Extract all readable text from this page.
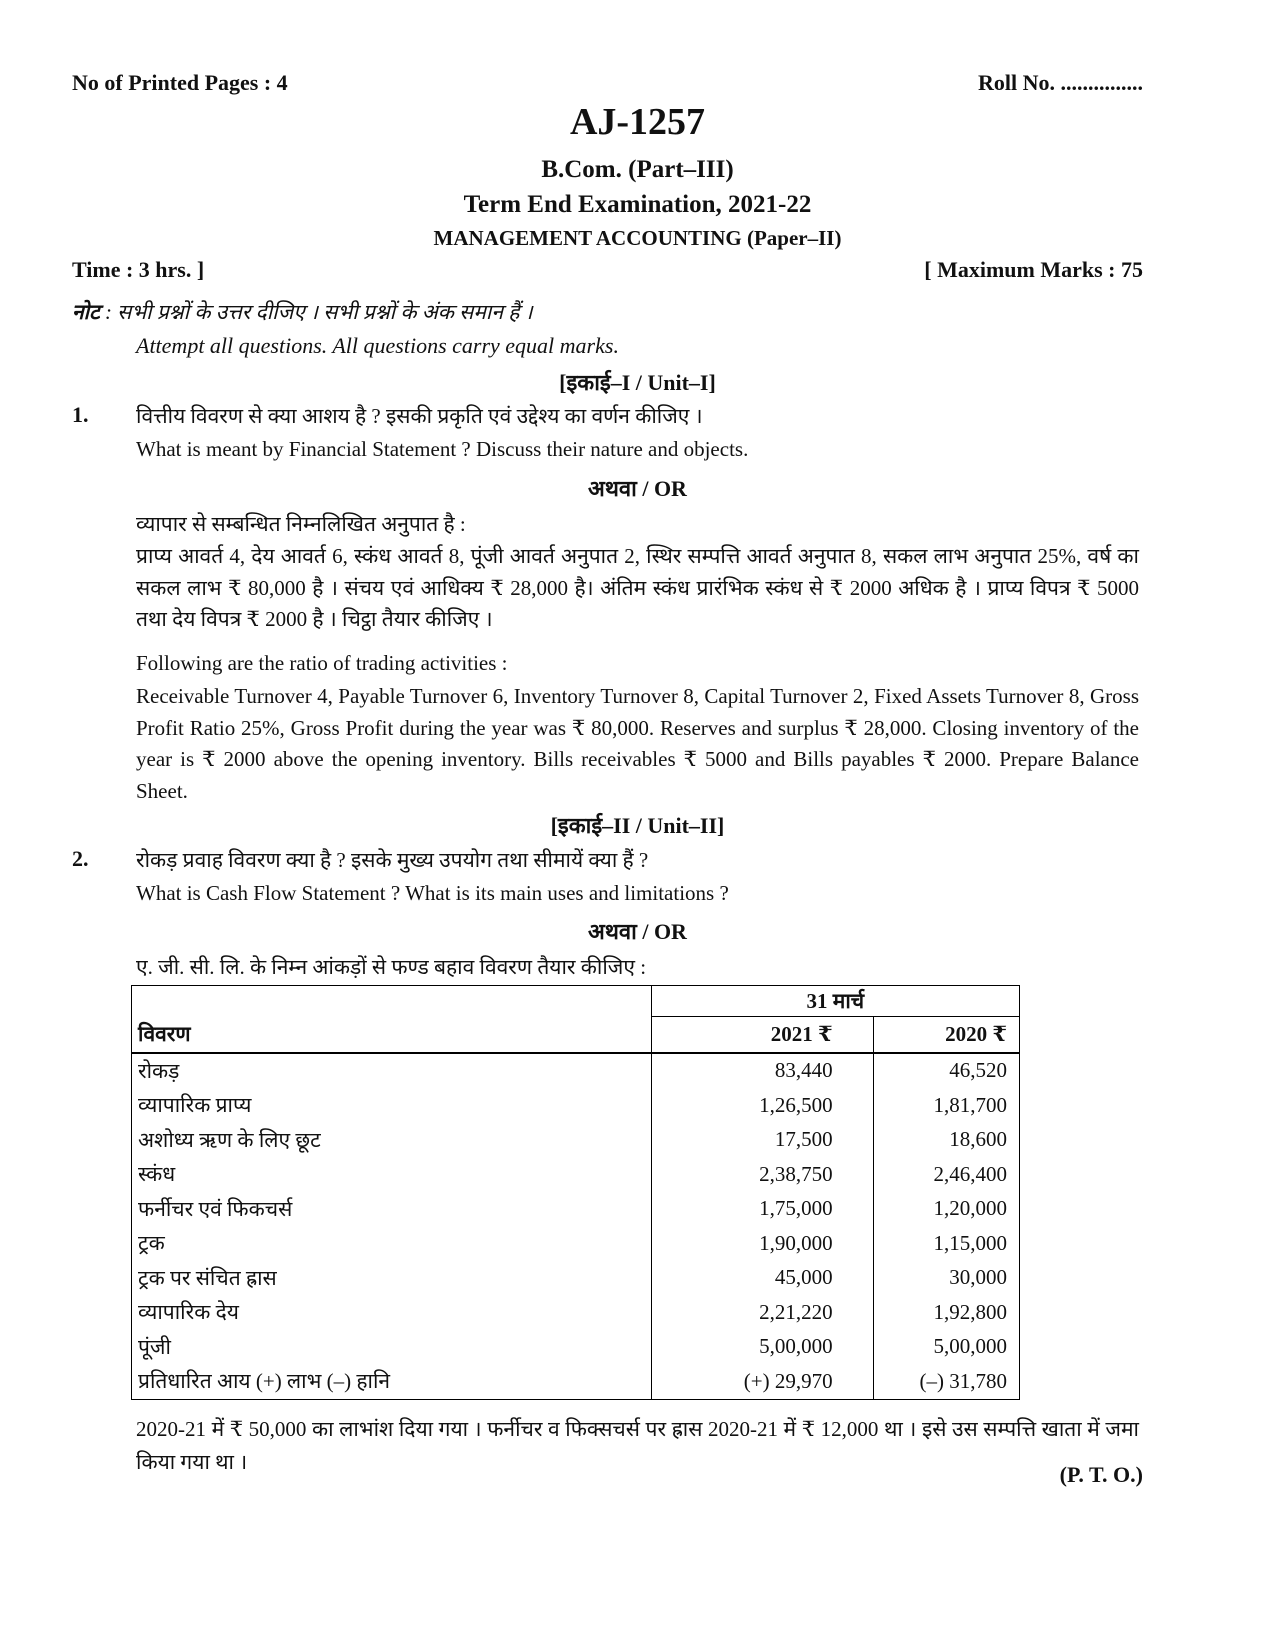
No of Printed Pages : 4	Roll No. ...............
AJ-1257
B.Com. (Part–III)
Term End Examination, 2021-22
MANAGEMENT ACCOUNTING (Paper–II)
Time : 3 hrs. ]	[ Maximum Marks : 75
नोट : सभी प्रश्नों के उत्तर दीजिए । सभी प्रश्नों के अंक समान हैं ।
Attempt all questions. All questions carry equal marks.
[इकाई–I / Unit–I]
1. वित्तीय विवरण से क्या आशय है ? इसकी प्रकृति एवं उद्देश्य का वर्णन कीजिए ।
What is meant by Financial Statement ? Discuss their nature and objects.
अथवा / OR
व्यापार से सम्बन्धित निम्नलिखित अनुपात है :
प्राप्य आवर्त 4, देय आवर्त 6, स्कंध आवर्त 8, पूंजी आवर्त अनुपात 2, स्थिर सम्पत्ति आवर्त अनुपात 8, सकल लाभ अनुपात 25%, वर्ष का सकल लाभ ₹ 80,000 है । संचय एवं आधिक्य ₹ 28,000 है। अंतिम स्कंध प्रारंभिक स्कंध से ₹ 2000 अधिक है । प्राप्य विपत्र ₹ 5000 तथा देय विपत्र ₹ 2000 है । चिट्ठा तैयार कीजिए ।
Following are the ratio of trading activities :
Receivable Turnover 4, Payable Turnover 6, Inventory Turnover 8, Capital Turnover 2, Fixed Assets Turnover 8, Gross Profit Ratio 25%, Gross Profit during the year was ₹ 80,000. Reserves and surplus ₹ 28,000. Closing inventory of the year is ₹ 2000 above the opening inventory. Bills receivables ₹ 5000 and Bills payables ₹ 2000. Prepare Balance Sheet.
[इकाई–II / Unit–II]
2. रोकड़ प्रवाह विवरण क्या है ? इसके मुख्य उपयोग तथा सीमायें क्या हैं ?
What is Cash Flow Statement ? What is its main uses and limitations ?
अथवा / OR
ए. जी. सी. लि. के निम्न आंकड़ों से फण्ड बहाव विवरण तैयार कीजिए :
	31 मार्च	
विवरण	2021 ₹	2020 ₹
रोकड़	83,440	46,520
व्यापारिक प्राप्य	1,26,500	1,81,700
अशोध्य ऋण के लिए छूट	17,500	18,600
स्कंध	2,38,750	2,46,400
फर्नीचर एवं फिकचर्स	1,75,000	1,20,000
ट्रक	1,90,000	1,15,000
ट्रक पर संचित ह्रास	45,000	30,000
व्यापारिक देय	2,21,220	1,92,800
पूंजी	5,00,000	5,00,000
प्रतिधारित आय (+) लाभ (–) हानि	(+) 29,970	(–) 31,780
2020-21 में ₹ 50,000 का लाभांश दिया गया । फर्नीचर व फिक्सचर्स पर ह्रास 2020-21 में ₹ 12,000 था । इसे उस सम्पत्ति खाता में जमा किया गया था ।	(P. T. O.)
